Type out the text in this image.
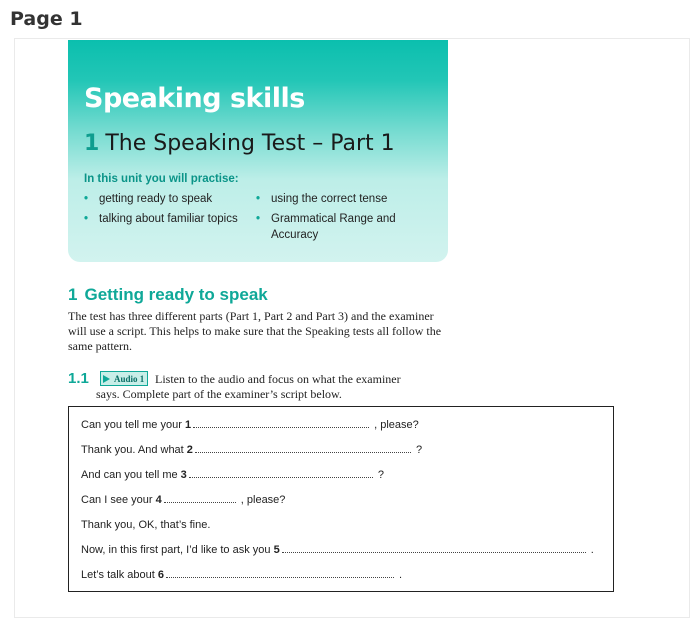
Page 1
Speaking skills
1 The Speaking Test – Part 1
In this unit you will practise:
• getting ready to speak
• talking about familiar topics
• using the correct tense
• Grammatical Range and Accuracy
1 Getting ready to speak
The test has three different parts (Part 1, Part 2 and Part 3) and the examiner will use a script. This helps to make sure that the Speaking tests all follow the same pattern.
1.1	Audio 1 Listen to the audio and focus on what the examiner
says. Complete part of the examiner’s script below.
Can you tell me your 1	, please?
Thank you. And what 2	?
And can you tell me 3	?
Can I see your 4	, please?
Thank you, OK, that’s fine.
Now, in this first part, I’d like to ask you 5	.
Let’s talk about 6	.
